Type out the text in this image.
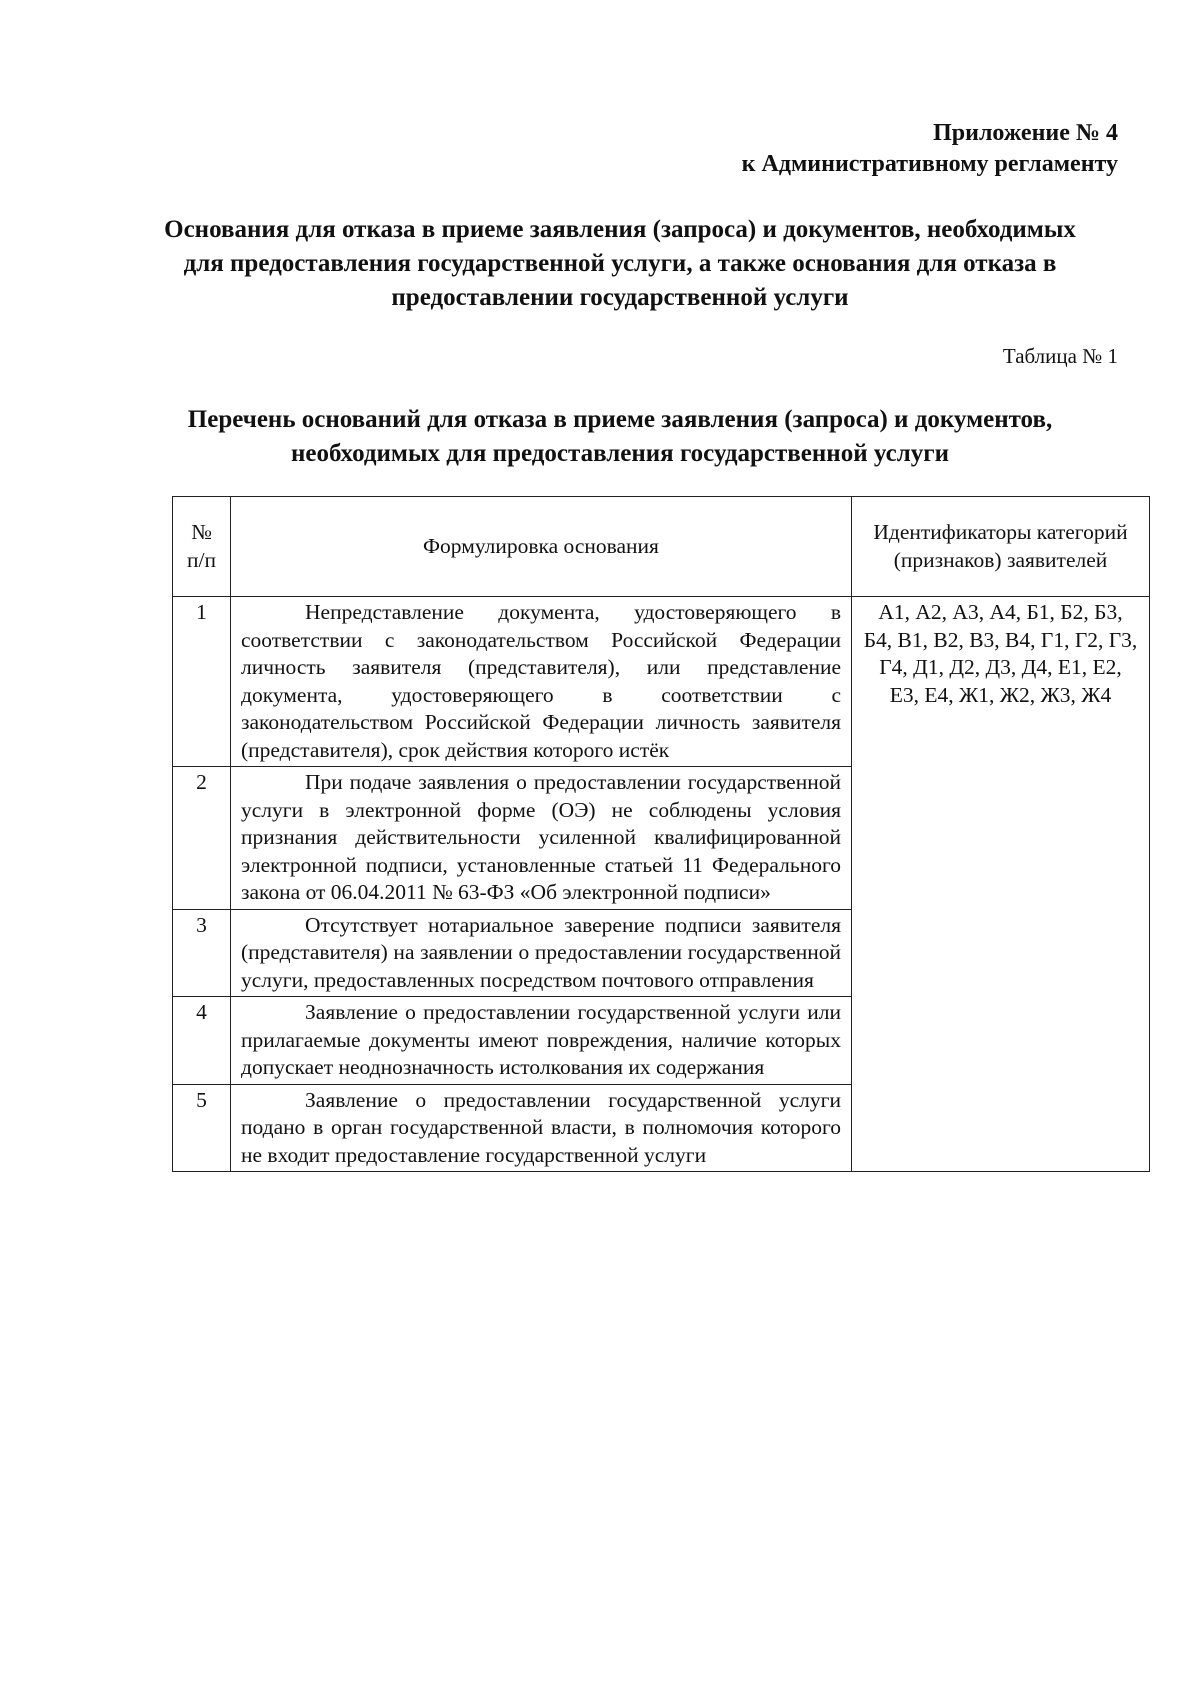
Приложение № 4
к Административному регламенту
Основания для отказа в приеме заявления (запроса) и документов, необходимых для предоставления государственной услуги, а также основания для отказа в предоставлении государственной услуги
Таблица № 1
Перечень оснований для отказа в приеме заявления (запроса) и документов, необходимых для предоставления государственной услуги
№
п/п	Формулировка основания	Идентификаторы категорий (признаков) заявителей
1	Непредставление документа, удостоверяющего в соответствии с законодательством Российской Федерации личность заявителя (представителя), или представление документа, удостоверяющего в соответствии с законодательством Российской Федерации личность заявителя (представителя), срок действия которого истёк	А1, А2, А3, А4, Б1, Б2, Б3, Б4, В1, В2, В3, В4, Г1, Г2, Г3, Г4, Д1, Д2, Д3, Д4, Е1, Е2, Е3, Е4, Ж1, Ж2, Ж3, Ж4
2	При подаче заявления о предоставлении государственной услуги в электронной форме (ОЭ) не соблюдены условия признания действительности усиленной квалифицированной электронной подписи, установленные статьей 11 Федерального закона от 06.04.2011 № 63-ФЗ «Об электронной подписи»	
3	Отсутствует нотариальное заверение подписи заявителя (представителя) на заявлении о предоставлении государственной услуги, предоставленных посредством почтового отправления	
4	Заявление о предоставлении государственной услуги или прилагаемые документы имеют повреждения, наличие которых допускает неоднозначность истолкования их содержания	
5	Заявление о предоставлении государственной услуги подано в орган государственной власти, в полномочия которого не входит предоставление государственной услуги	
